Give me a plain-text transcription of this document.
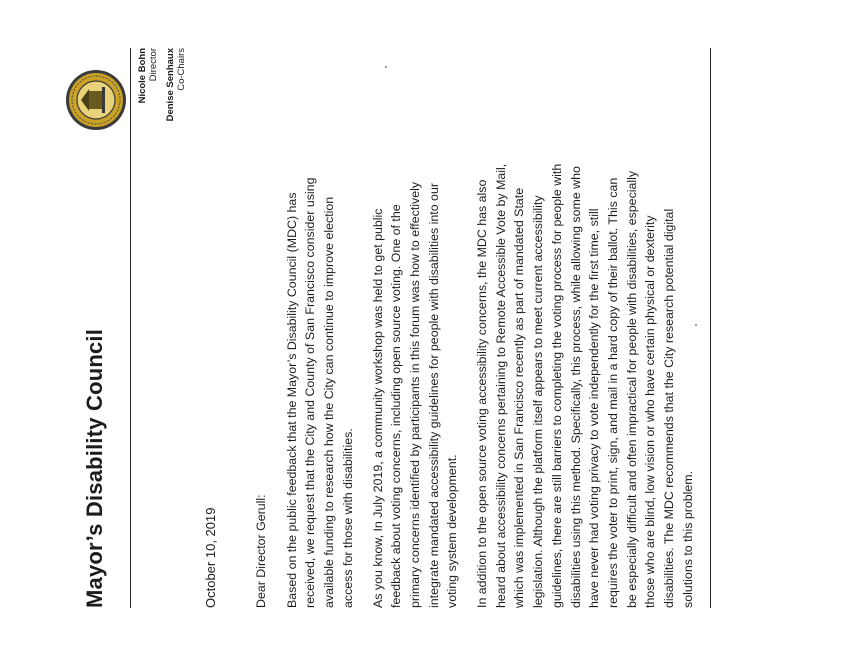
Mayor’s Disability Council
Nicole Bohn Director Denise Senhaux Co-Chairs
October 10, 2019	Dear Director Gerull: Based on the public feedback that the Mayor’s Disability Council (MDC) has received, we request that the City and County of San Francisco consider using available funding to research how the City can continue to improve election access for those with disabilities. As you know, In July 2019, a community workshop was held to get public feedback about voting concerns, including open source voting. One of the primary concerns identified by participants in this forum was how to effectively integrate mandated accessibility guidelines for people with disabilities into our voting system development. In addition to the open source voting accessibility concerns, the MDC has also heard about accessibility concerns pertaining to Remote Accessible Vote by Mail, which was implemented in San Francisco recently as part of mandated State legislation. Although the platform itself appears to meet current accessibility guidelines, there are still barriers to completing the voting process for people with disabilities using this method. Specifically, this process, while allowing some who have never had voting privacy to vote independently for the first time, still requires the voter to print, sign, and mail in a hard copy of their ballot. This can be especially difficult and often impractical for people with disabilities, especially those who are blind, low vision or who have certain physical or dexterity disabilities. The MDC recommends that the City research potential digital solutions to this problem.
